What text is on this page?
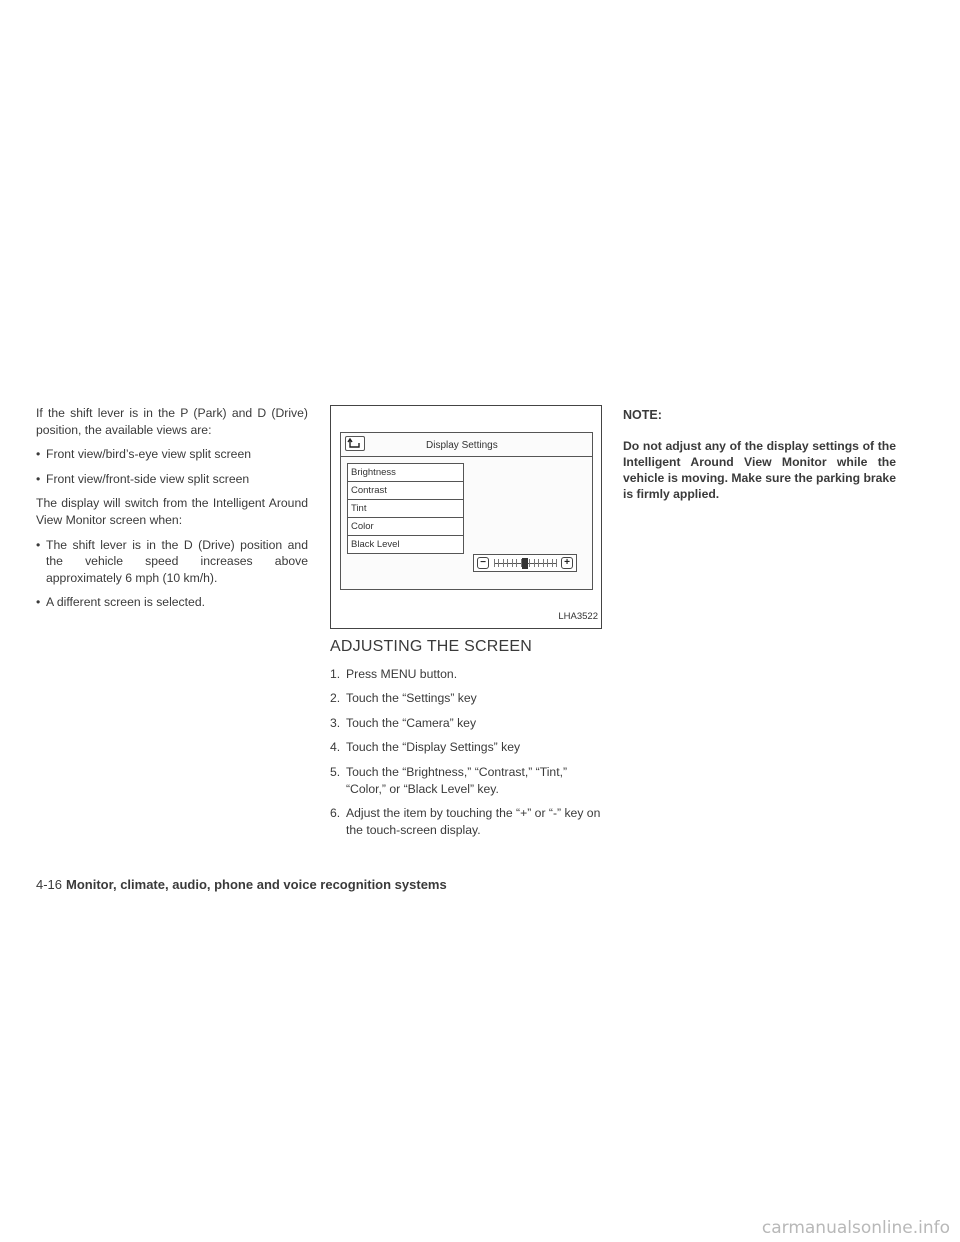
If the shift lever is in the P (Park) and D (Drive) position, the available views are:

• Front view/bird’s-eye view split screen
• Front view/front-side view split screen

The display will switch from the Intelligent Around View Monitor screen when:

• The shift lever is in the D (Drive) position and the vehicle speed increases above approximately 6 mph (10 km/h).
• A different screen is selected.
Display Settings
Brightness
Contrast
Tint
Color
Black Level
−	+
LHA3522
ADJUSTING THE SCREEN
1. Press MENU button.
2. Touch the “Settings” key
3. Touch the “Camera” key
4. Touch the “Display Settings” key
5. Touch the “Brightness,” “Contrast,” “Tint,” “Color,” or “Black Level” key.
6. Adjust the item by touching the “+” or “-” key on the touch-screen display.
NOTE:
Do not adjust any of the display settings of the Intelligent Around View Monitor while the vehicle is moving. Make sure the parking brake is firmly applied.
4-16 Monitor, climate, audio, phone and voice recognition systems
carmanualsonline.info
